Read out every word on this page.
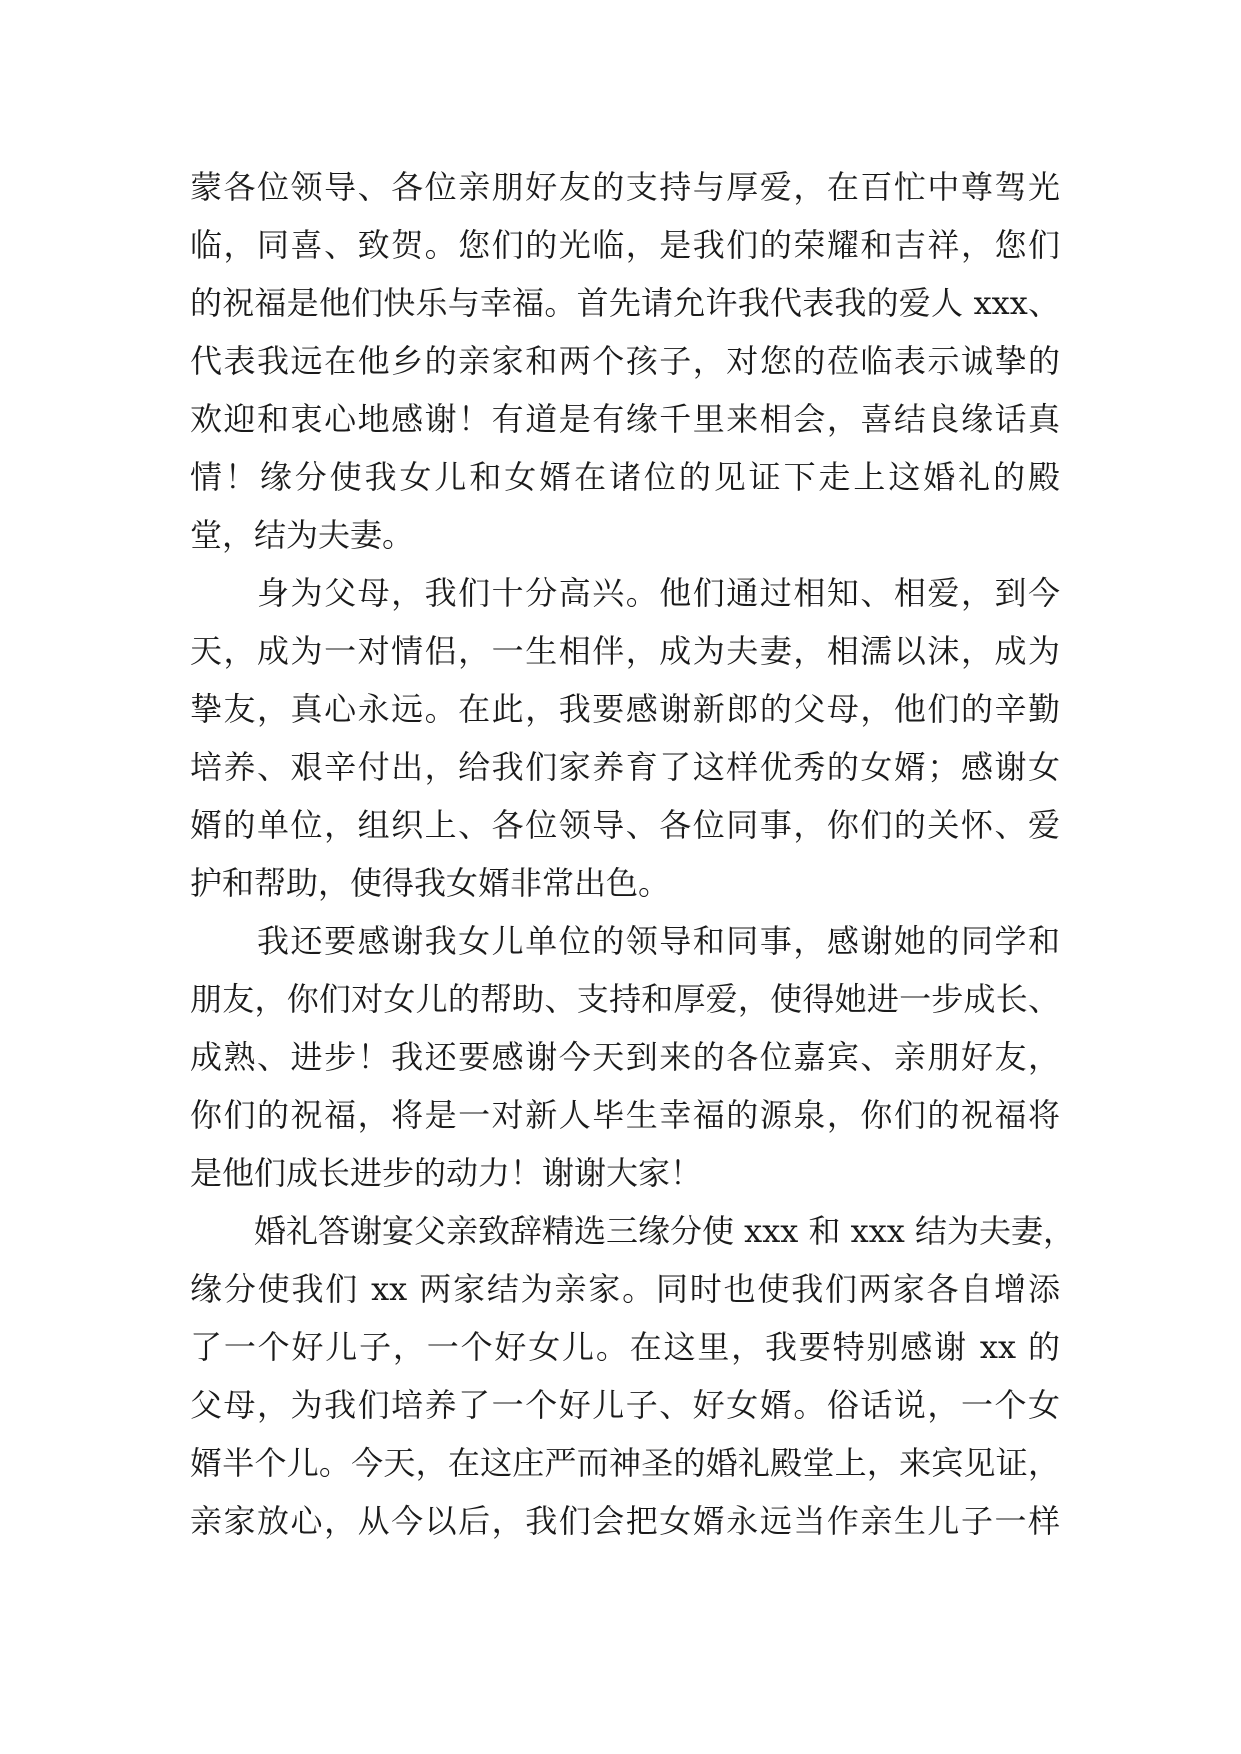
蒙各位领导、各位亲朋好友的支持与厚爱，在百忙中尊驾光
临，同喜、致贺。您们的光临，是我们的荣耀和吉祥，您们
的祝福是他们快乐与幸福。首先请允许我代表我的爱人 xxx、
代表我远在他乡的亲家和两个孩子，对您的莅临表示诚挚的
欢迎和衷心地感谢！有道是有缘千里来相会，喜结良缘话真
情！缘分使我女儿和女婿在诸位的见证下走上这婚礼的殿
堂，结为夫妻。
　　身为父母，我们十分高兴。他们通过相知、相爱，到今
天，成为一对情侣，一生相伴，成为夫妻，相濡以沫，成为
挚友，真心永远。在此，我要感谢新郎的父母，他们的辛勤
培养、艰辛付出，给我们家养育了这样优秀的女婿；感谢女
婿的单位，组织上、各位领导、各位同事，你们的关怀、爱
护和帮助，使得我女婿非常出色。
　　我还要感谢我女儿单位的领导和同事，感谢她的同学和
朋友，你们对女儿的帮助、支持和厚爱，使得她进一步成长、
成熟、进步！我还要感谢今天到来的各位嘉宾、亲朋好友，
你们的祝福，将是一对新人毕生幸福的源泉，你们的祝福将
是他们成长进步的动力！谢谢大家！
　　婚礼答谢宴父亲致辞精选三缘分使 xxx 和 xxx 结为夫妻，
缘分使我们 xx 两家结为亲家。同时也使我们两家各自增添
了一个好儿子，一个好女儿。在这里，我要特别感谢 xx 的
父母，为我们培养了一个好儿子、好女婿。俗话说，一个女
婿半个儿。今天，在这庄严而神圣的婚礼殿堂上，来宾见证，
亲家放心，从今以后，我们会把女婿永远当作亲生儿子一样
